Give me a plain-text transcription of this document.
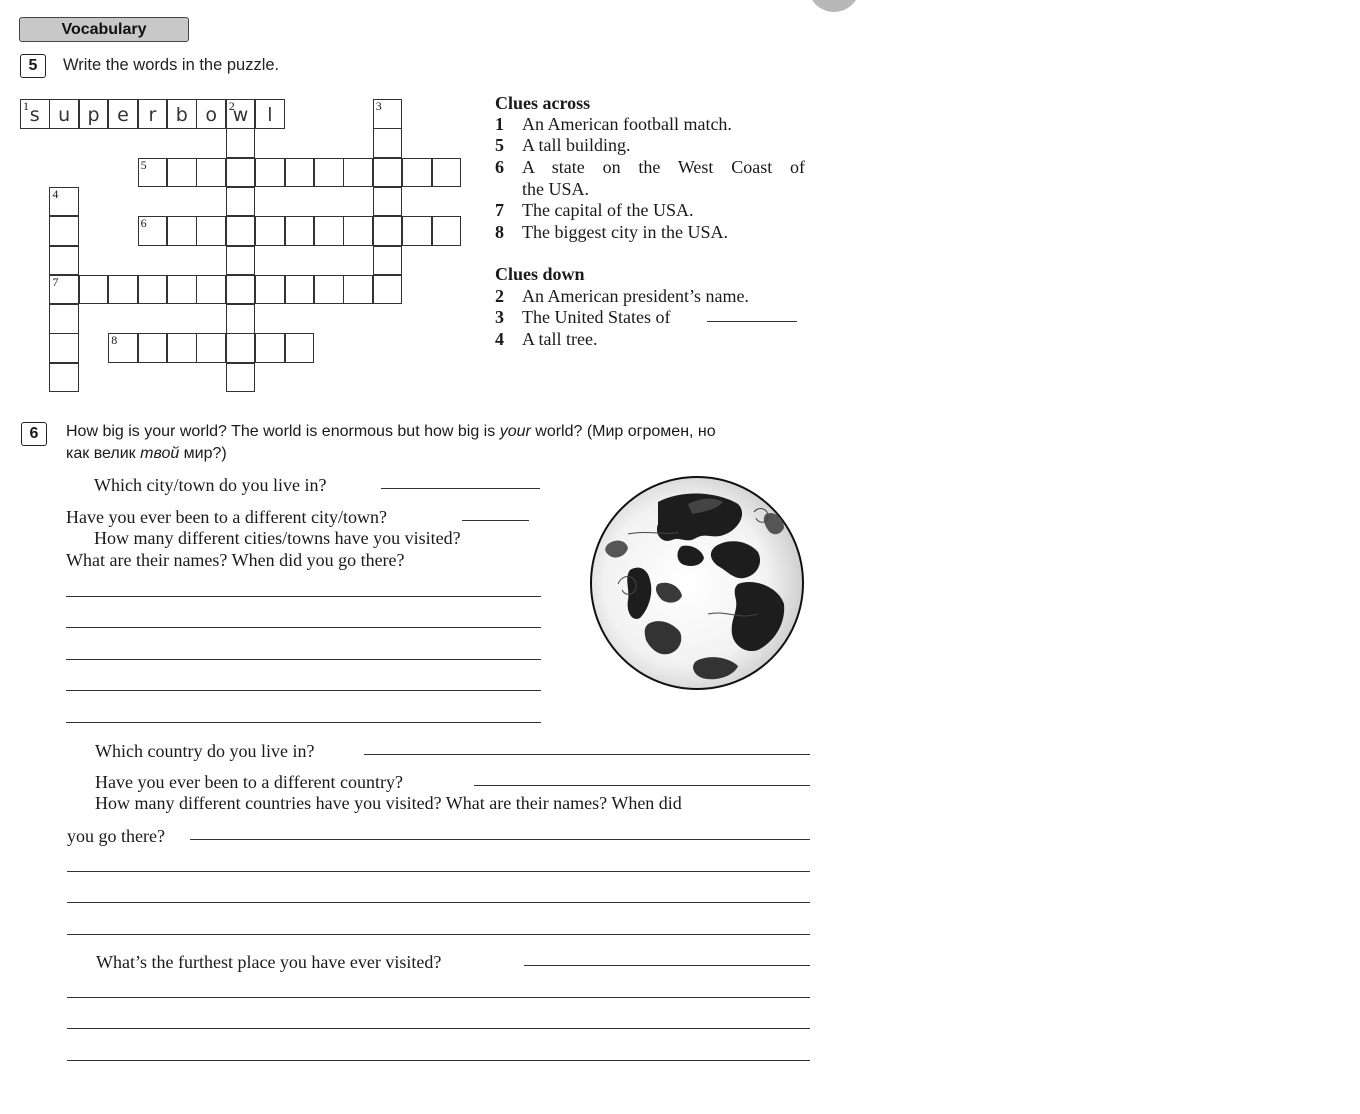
Vocabulary
5	Write the words in the puzzle.
1 s u p e	r	b o 2
w l	3
5
4
7
6
8
Clues across
1 An American football match.
5 A tall building.
6 A state on the West Coast of
the USA.
7 The capital of the USA.
8 The biggest city in the USA.
Clues down
2 An American president’s name.
3 The United States of
4 A tall tree.
6	How big is your world? The world is enormous but how big is your world? (Мир огромен, но
как велик твой мир?)
Which city/town do you live in?
Have you ever been to a different city/town?
How many different cities/towns have you visited?
What are their names? When did you go there?
Which country do you live in?
Have you ever been to a different country?
How many different countries have you visited? What are their names? When did
you go there?
What’s the furthest place you have ever visited?
